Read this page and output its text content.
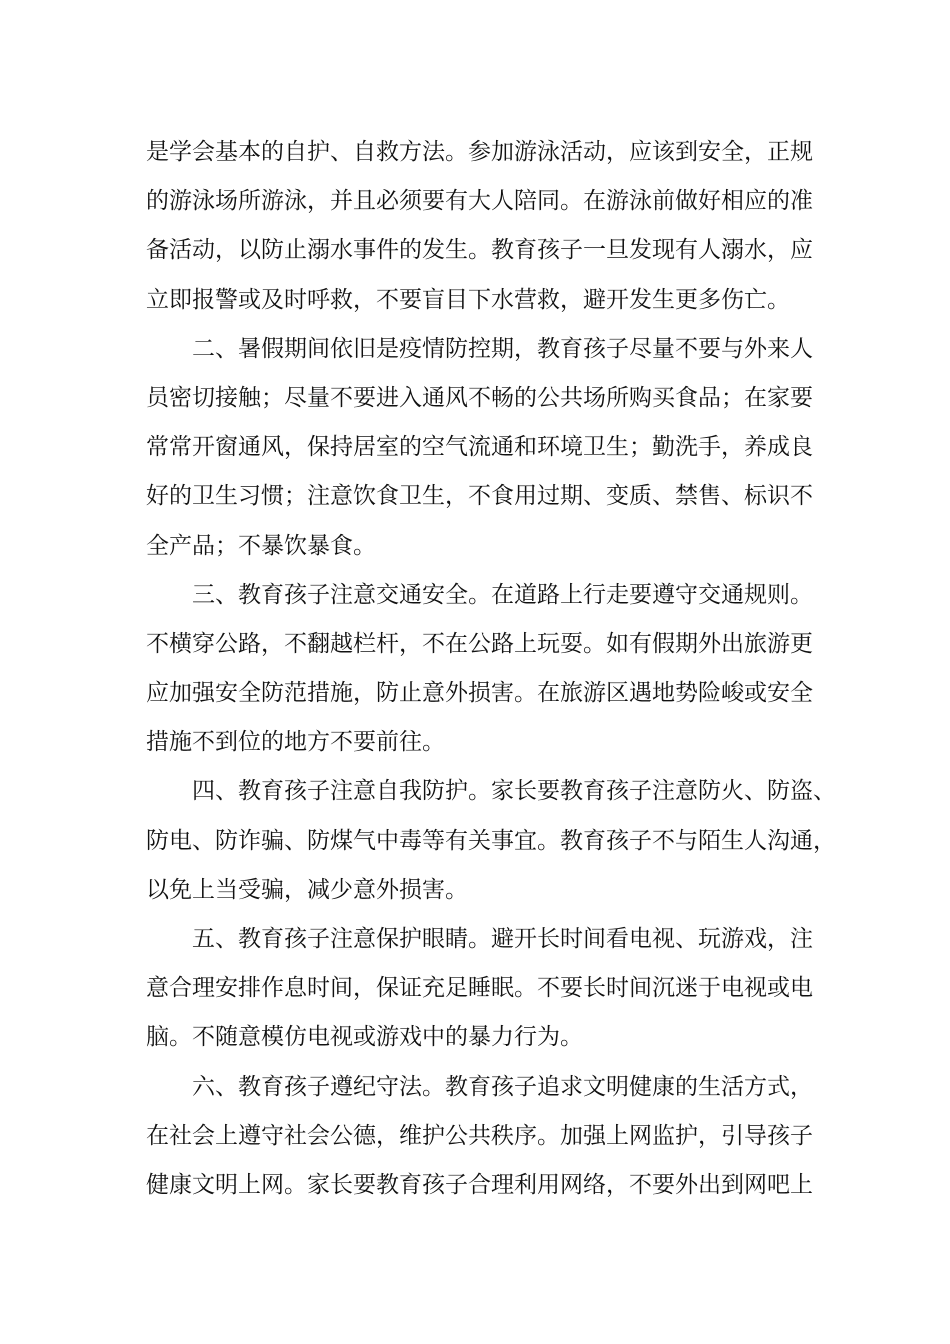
是学会基本的自护、自救方法。参加游泳活动，应该到安全，正规
的游泳场所游泳，并且必须要有大人陪同。在游泳前做好相应的准
备活动，以防止溺水事件的发生。教育孩子一旦发现有人溺水，应
立即报警或及时呼救，不要盲目下水营救，避开发生更多伤亡。
二、暑假期间依旧是疫情防控期，教育孩子尽量不要与外来人
员密切接触；尽量不要进入通风不畅的公共场所购买食品；在家要
常常开窗通风，保持居室的空气流通和环境卫生；勤洗手，养成良
好的卫生习惯；注意饮食卫生，不食用过期、变质、禁售、标识不
全产品；不暴饮暴食。
三、教育孩子注意交通安全。在道路上行走要遵守交通规则。
不横穿公路，不翻越栏杆，不在公路上玩耍。如有假期外出旅游更
应加强安全防范措施，防止意外损害。在旅游区遇地势险峻或安全
措施不到位的地方不要前往。
四、教育孩子注意自我防护。家长要教育孩子注意防火、防盗、
防电、防诈骗、防煤气中毒等有关事宜。教育孩子不与陌生人沟通，
以免上当受骗，减少意外损害。
五、教育孩子注意保护眼睛。避开长时间看电视、玩游戏，注
意合理安排作息时间，保证充足睡眠。不要长时间沉迷于电视或电
脑。不随意模仿电视或游戏中的暴力行为。
六、教育孩子遵纪守法。教育孩子追求文明健康的生活方式，
在社会上遵守社会公德，维护公共秩序。加强上网监护，引导孩子
健康文明上网。家长要教育孩子合理利用网络，不要外出到网吧上
